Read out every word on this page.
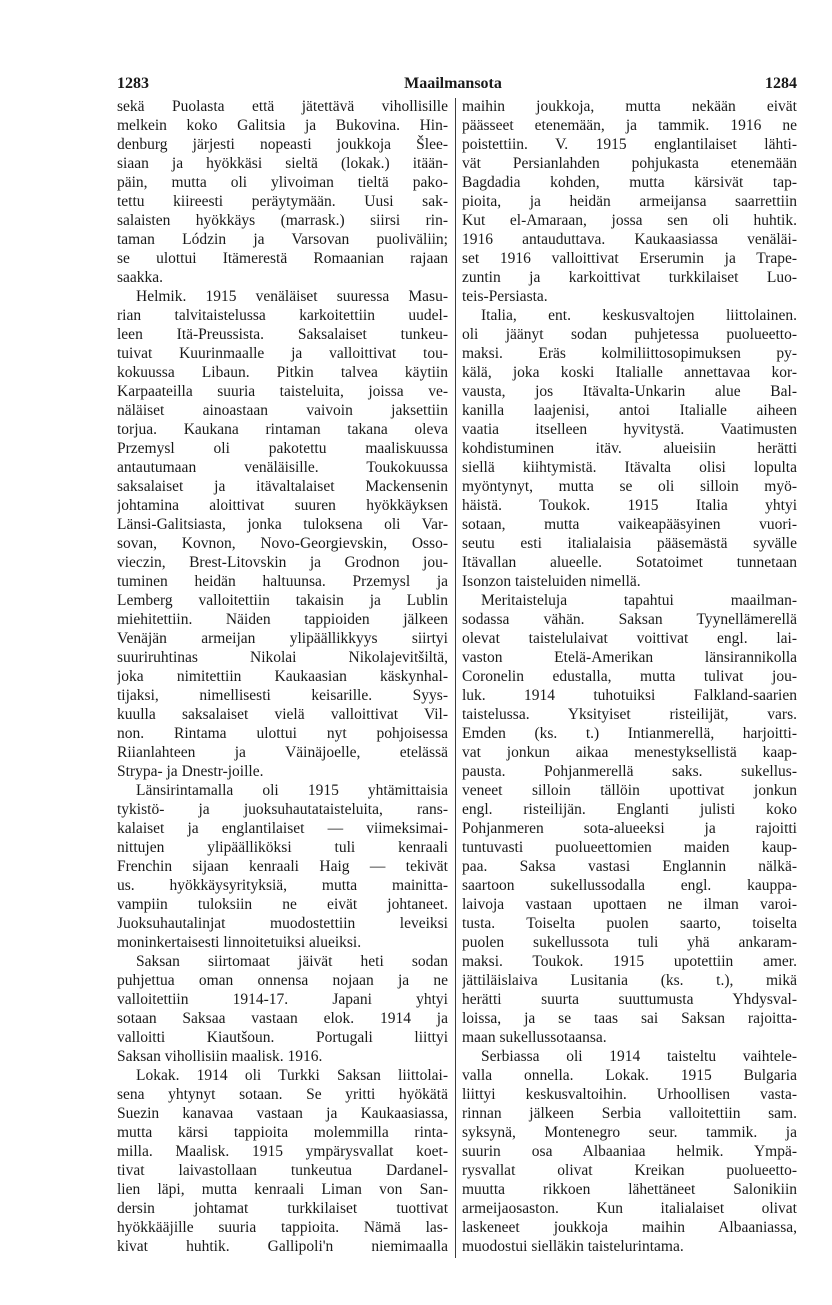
1283	Maailmansota	1284
sekä Puolasta että jätettävä vihollisille
melkein koko Galitsia ja Bukovina. Hin-
denburg järjesti nopeasti joukkoja Šlee-
siaan ja hyökkäsi sieltä (lokak.) itään-
päin, mutta oli ylivoiman tieltä pako-
tettu kiireesti peräytymään. Uusi sak-
salaisten hyökkäys (marrask.) siirsi rin-
taman Lódzin ja Varsovan puoliväliin;
se ulottui Itämerestä Romaanian rajaan
saakka.
Helmik. 1915 venäläiset suuressa Masu-
rian talvitaistelussa karkoitettiin uudel-
leen Itä-Preussista. Saksalaiset tunkeu-
tuivat Kuurinmaalle ja valloittivat tou-
kokuussa Libaun. Pitkin talvea käytiin
Karpaateilla suuria taisteluita, joissa ve-
näläiset ainoastaan vaivoin jaksettiin
torjua. Kaukana rintaman takana oleva
Przemysl oli pakotettu maaliskuussa
antautumaan venäläisille. Toukokuussa
saksalaiset ja itävaltalaiset Mackensenin
johtamina aloittivat suuren hyökkäyksen
Länsi-Galitsiasta, jonka tuloksena oli Var-
sovan, Kovnon, Novo-Georgievskin, Osso-
vieczin, Brest-Litovskin ja Grodnon jou-
tuminen heidän haltuunsa. Przemysl ja
Lemberg valloitettiin takaisin ja Lublin
miehitettiin. Näiden tappioiden jälkeen
Venäjän armeijan ylipäällikkyys siirtyi
suuriruhtinas Nikolai Nikolajevitšiltä,
joka nimitettiin Kaukaasian käskynhal-
tijaksi, nimellisesti keisarille. Syys-
kuulla saksalaiset vielä valloittivat Vil-
non. Rintama ulottui nyt pohjoisessa
Riianlahteen ja Väinäjoelle, etelässä
Strypa- ja Dnestr-joille.
Länsirintamalla oli 1915 yhtämittaisia
tykistö- ja juoksuhautataisteluita, rans-
kalaiset ja englantilaiset — viimeksimai-
nittujen ylipäälliköksi tuli kenraali
Frenchin sijaan kenraali Haig — tekivät
us. hyökkäysyrityksiä, mutta mainitta-
vampiin tuloksiin ne eivät johtaneet.
Juoksuhautalinjat muodostettiin leveiksi
moninkertaisesti linnoitetuiksi alueiksi.
Saksan siirtomaat jäivät heti sodan
puhjettua oman onnensa nojaan ja ne
valloitettiin 1914-17. Japani yhtyi
sotaan Saksaa vastaan elok. 1914 ja
valloitti Kiautšoun. Portugali liittyi
Saksan vihollisiin maalisk. 1916.
Lokak. 1914 oli Turkki Saksan liittolai-
sena yhtynyt sotaan. Se yritti hyökätä
Suezin kanavaa vastaan ja Kaukaasiassa,
mutta kärsi tappioita molemmilla rinta-
milla. Maalisk. 1915 ympärysvallat koet-
tivat laivastollaan tunkeutua Dardanel-
lien läpi, mutta kenraali Liman von San-
dersin johtamat turkkilaiset tuottivat
hyökkääjille suuria tappioita. Nämä las-
kivat huhtik. Gallipoli'n niemimaalla
maihin joukkoja, mutta nekään eivät
päässeet etenemään, ja tammik. 1916 ne
poistettiin. V. 1915 englantilaiset lähti-
vät Persianlahden pohjukasta etenemään
Bagdadia kohden, mutta kärsivät tap-
pioita, ja heidän armeijansa saarrettiin
Kut el-Amaraan, jossa sen oli huhtik.
1916 antauduttava. Kaukaasiassa venäläi-
set 1916 valloittivat Erserumin ja Trape-
zuntin ja karkoittivat turkkilaiset Luo-
teis-Persiasta.
Italia, ent. keskusvaltojen liittolainen.
oli jäänyt sodan puhjetessa puolueetto-
maksi. Eräs kolmiliittosopimuksen py-
kälä, joka koski Italialle annettavaa kor-
vausta, jos Itävalta-Unkarin alue Bal-
kanilla laajenisi, antoi Italialle aiheen
vaatia itselleen hyvitystä. Vaatimusten
kohdistuminen itäv. alueisiin herätti
siellä kiihtymistä. Itävalta olisi lopulta
myöntynyt, mutta se oli silloin myö-
häistä. Toukok. 1915 Italia yhtyi
sotaan, mutta vaikeapääsyinen vuori-
seutu esti italialaisia pääsemästä syvälle
Itävallan alueelle. Sotatoimet tunnetaan
Isonzon taisteluiden nimellä.
Meritaisteluja tapahtui maailman-
sodassa vähän. Saksan Tyynellämerellä
olevat taistelulaivat voittivat engl. lai-
vaston Etelä-Amerikan länsirannikolla
Coronelin edustalla, mutta tulivat jou-
luk. 1914 tuhotuiksi Falkland-saarien
taistelussa. Yksityiset risteilijät, vars.
Emden (ks. t.) Intianmerellä, harjoitti-
vat jonkun aikaa menestyksellistä kaap-
pausta. Pohjanmerellä saks. sukellus-
veneet silloin tällöin upottivat jonkun
engl. risteilijän. Englanti julisti koko
Pohjanmeren sota-alueeksi ja rajoitti
tuntuvasti puolueettomien maiden kaup-
paa. Saksa vastasi Englannin nälkä-
saartoon sukellussodalla engl. kauppa-
laivoja vastaan upottaen ne ilman varoi-
tusta. Toiselta puolen saarto, toiselta
puolen sukellussota tuli yhä ankaram-
maksi. Toukok. 1915 upotettiin amer.
jättiläislaiva Lusitania (ks. t.), mikä
herätti suurta suuttumusta Yhdysval-
loissa, ja se taas sai Saksan rajoitta-
maan sukellussotaansa.
Serbiassa oli 1914 taisteltu vaihtele-
valla onnella. Lokak. 1915 Bulgaria
liittyi keskusvaltoihin. Urhoollisen vasta-
rinnan jälkeen Serbia valloitettiin sam.
syksynä, Montenegro seur. tammik. ja
suurin osa Albaaniaa helmik. Ympä-
rysvallat olivat Kreikan puolueetto-
muutta rikkoen lähettäneet Salonikiin
armeijaosaston. Kun italialaiset olivat
laskeneet joukkoja maihin Albaaniassa,
muodostui sielläkin taistelurintama.
